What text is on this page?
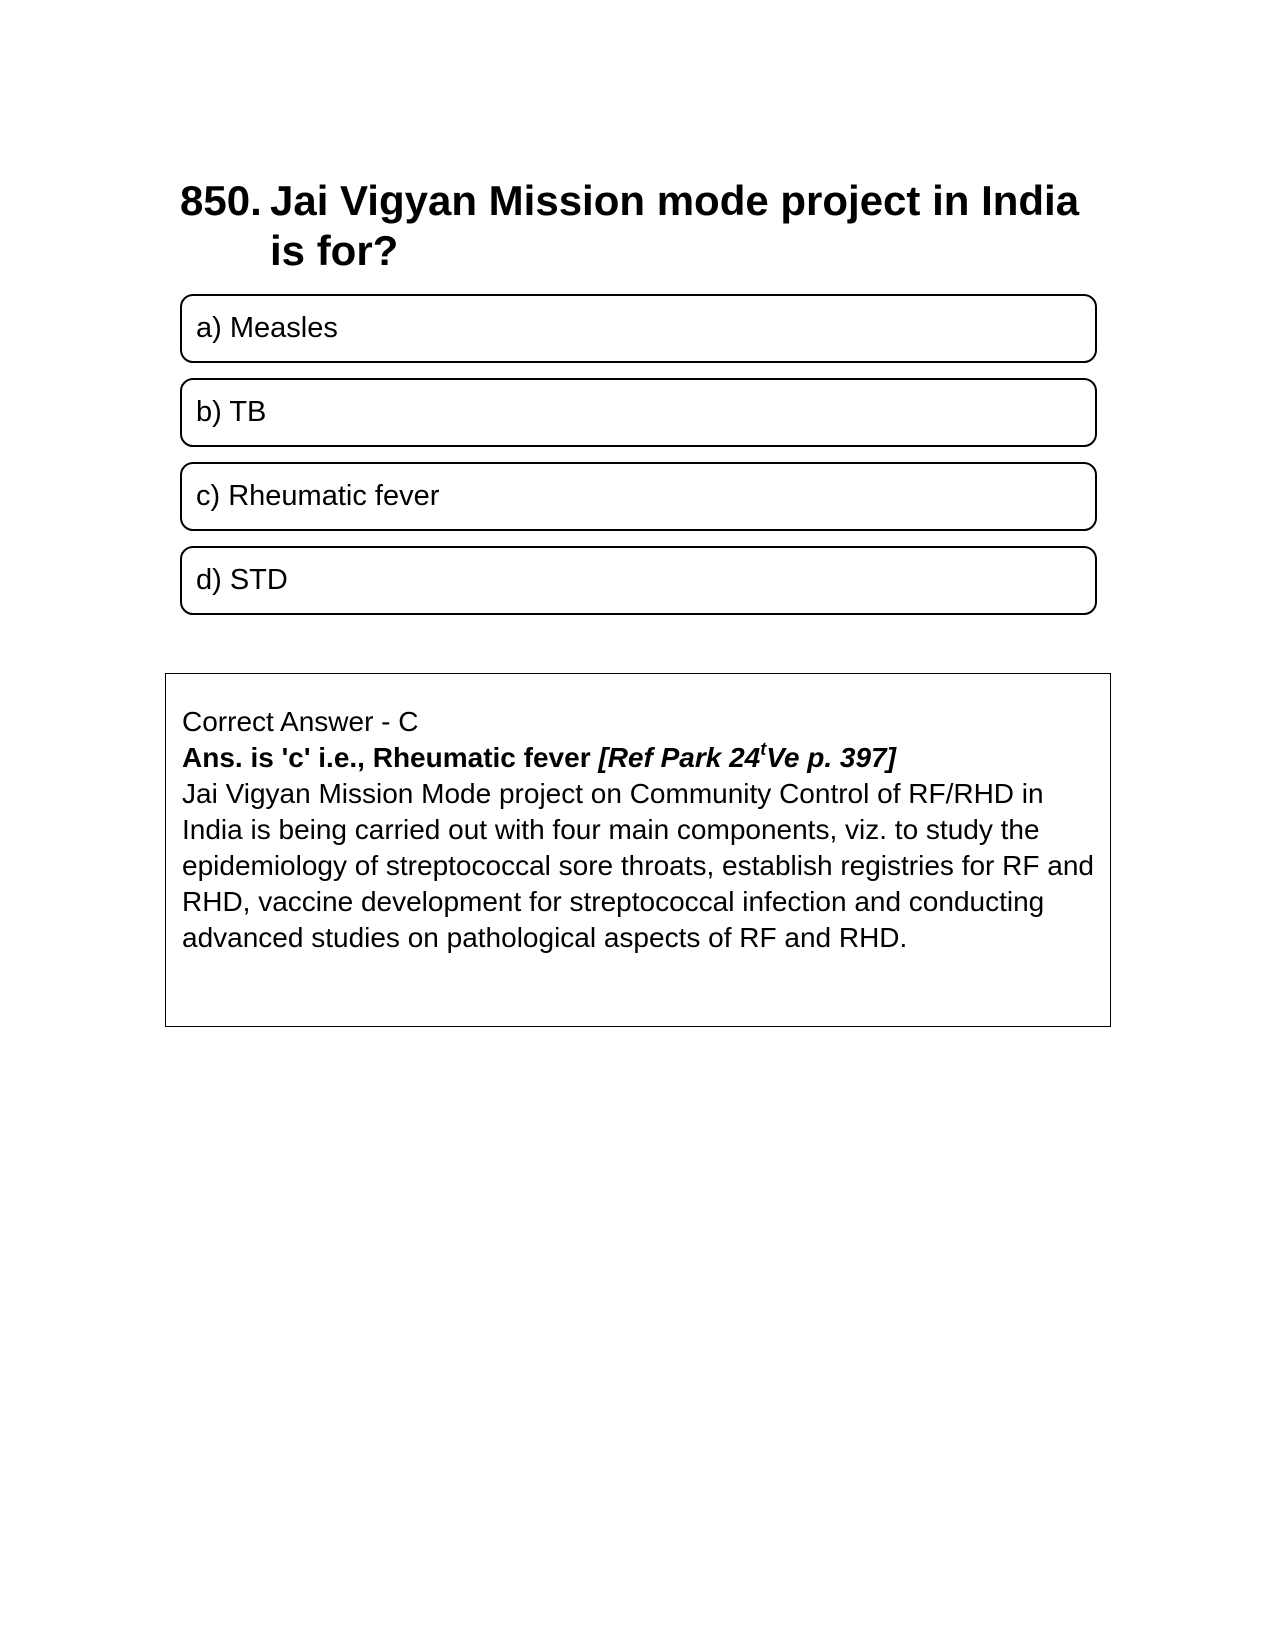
850. Jai Vigyan Mission mode project in India is for?
a) Measles
b) TB
c) Rheumatic fever
d) STD
Correct Answer - C
Ans. is 'c' i.e., Rheumatic fever [Ref Park 24$^t$Ve p. 397]
Jai Vigyan Mission Mode project on Community Control of RF/RHD in India is being carried out with four main components, viz. to study the epidemiology of streptococcal sore throats, establish registries for RF and RHD, vaccine development for streptococcal infection and conducting advanced studies on pathological aspects of RF and RHD.
